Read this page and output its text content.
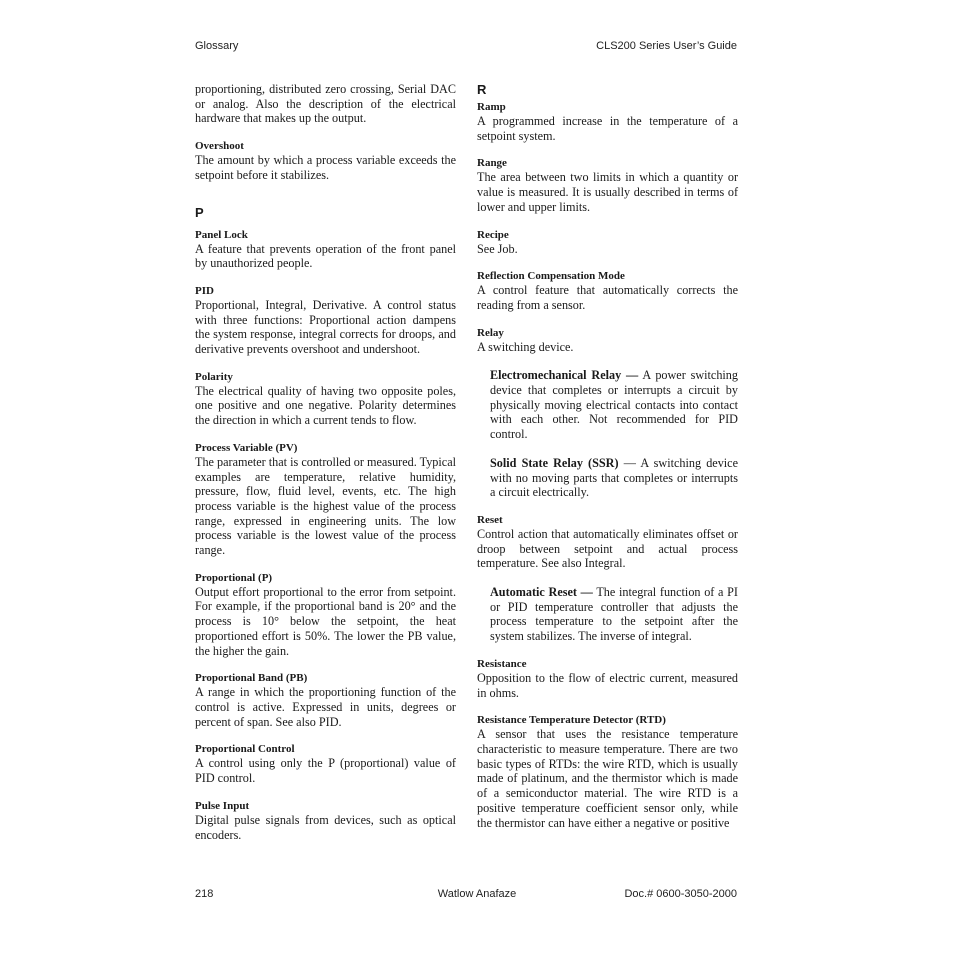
Glossary	CLS200 Series User’s Guide

proportioning, distributed zero crossing, Serial DAC or analog. Also the description of the electrical hardware that makes up the output.

Overshoot

The amount by which a process variable exceeds the setpoint before it stabilizes.

P

Panel Lock

A feature that prevents operation of the front panel by unauthorized people.

PID

Proportional, Integral, Derivative. A control status with three functions: Proportional action dampens the system response, integral corrects for droops, and derivative prevents overshoot and undershoot.

Polarity

The electrical quality of having two opposite poles, one positive and one negative. Polarity determines the direction in which a current tends to flow.

Process Variable (PV)

The parameter that is controlled or measured. Typical examples are temperature, relative humidity, pressure, flow, fluid level, events, etc. The high process variable is the highest value of the process range, expressed in engineering units. The low process variable is the lowest value of the process range.

Proportional (P)

Output effort proportional to the error from setpoint. For example, if the proportional band is 20° and the process is 10° below the setpoint, the heat proportioned effort is 50%. The lower the PB value, the higher the gain.

Proportional Band (PB)

A range in which the proportioning function of the control is active. Expressed in units, degrees or percent of span. See also PID.

Proportional Control

A control using only the P (proportional) value of PID control.

Pulse Input

Digital pulse signals from devices, such as optical encoders.

R

Ramp

A programmed increase in the temperature of a setpoint system.

Range

The area between two limits in which a quantity or value is measured. It is usually described in terms of lower and upper limits.

Recipe

See Job.

Reflection Compensation Mode

A control feature that automatically corrects the reading from a sensor.

Relay

A switching device.

Electromechanical Relay — A power switching device that completes or interrupts a circuit by physically moving electrical contacts into contact with each other. Not recommended for PID control.

Solid State Relay (SSR) — A switching device with no moving parts that completes or interrupts a circuit electrically.

Reset

Control action that automatically eliminates offset or droop between setpoint and actual process temperature. See also Integral.

Automatic Reset — The integral function of a PI or PID temperature controller that adjusts the process temperature to the setpoint after the system stabilizes. The inverse of integral.

Resistance

Opposition to the flow of electric current, measured in ohms.

Resistance Temperature Detector (RTD)

A sensor that uses the resistance temperature characteristic to measure temperature. There are two basic types of RTDs: the wire RTD, which is usually made of platinum, and the thermistor which is made of a semiconductor material. The wire RTD is a positive temperature coefficient sensor only, while the thermistor can have either a negative or positive

218	Watlow Anafaze	Doc.# 0600-3050-2000
